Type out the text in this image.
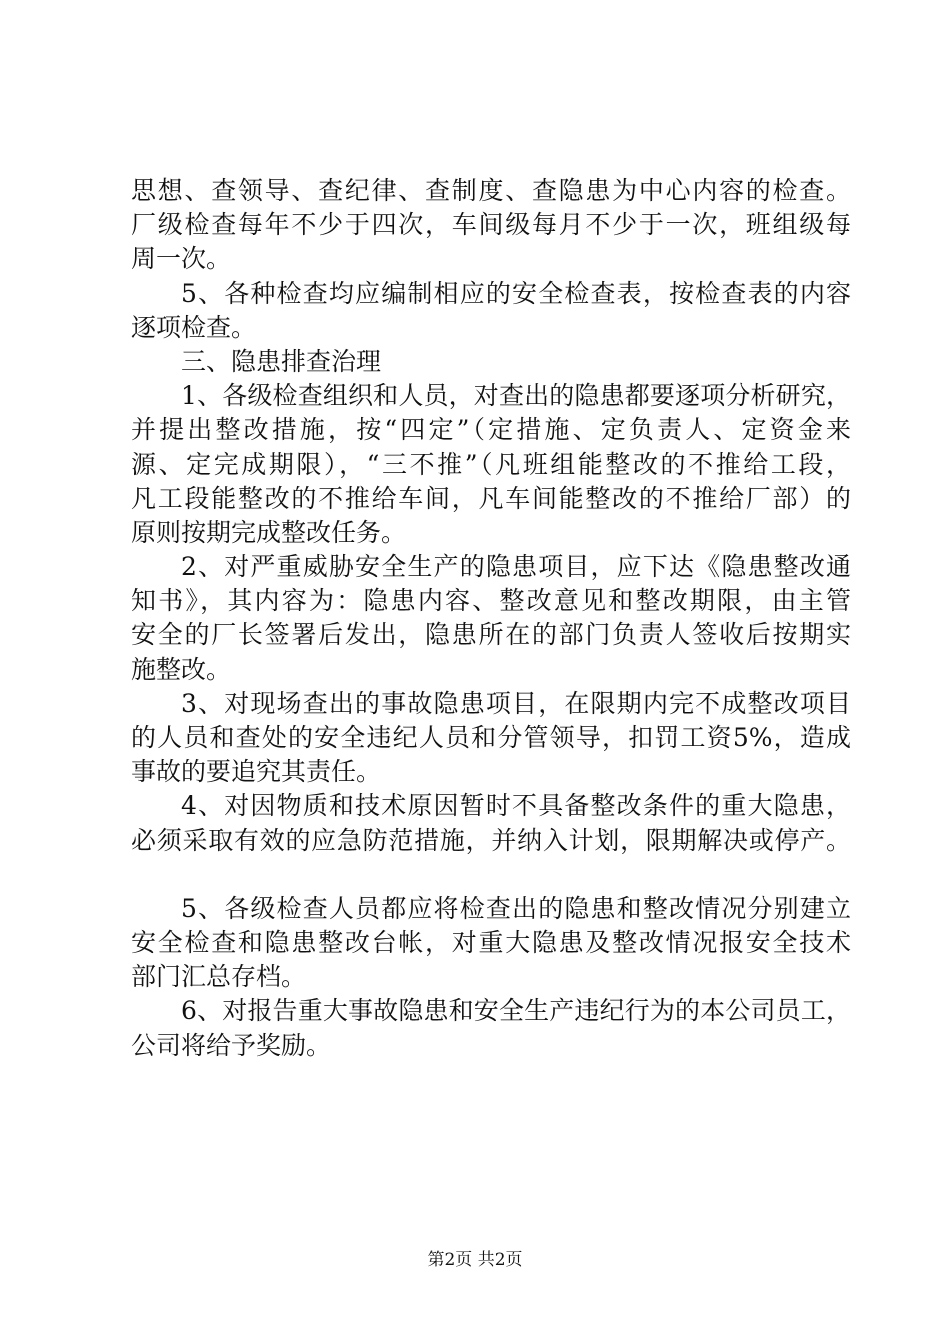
思想、查领导、查纪律、查制度、查隐患为中心内容的检查。
厂级检查每年不少于四次，车间级每月不少于一次，班组级每
周一次。
5、各种检查均应编制相应的安全检查表，按检查表的内容
逐项检查。
三、隐患排查治理
1、各级检查组织和人员，对查出的隐患都要逐项分析研究，
并提出整改措施，按“四定”（定措施、定负责人、定资金来
源、定完成期限），“三不推”（凡班组能整改的不推给工段，
凡工段能整改的不推给车间，凡车间能整改的不推给厂部）的
原则按期完成整改任务。
2、对严重威胁安全生产的隐患项目，应下达《隐患整改通
知书》，其内容为：隐患内容、整改意见和整改期限，由主管
安全的厂长签署后发出，隐患所在的部门负责人签收后按期实
施整改。
3、对现场查出的事故隐患项目，在限期内完不成整改项目
的人员和查处的安全违纪人员和分管领导，扣罚工资5%，造成
事故的要追究其责任。
4、对因物质和技术原因暂时不具备整改条件的重大隐患，
必须采取有效的应急防范措施，并纳入计划，限期解决或停产。
5、各级检查人员都应将检查出的隐患和整改情况分别建立
安全检查和隐患整改台帐，对重大隐患及整改情况报安全技术
部门汇总存档。
6、对报告重大事故隐患和安全生产违纪行为的本公司员工，
公司将给予奖励。
第2页 共2页
